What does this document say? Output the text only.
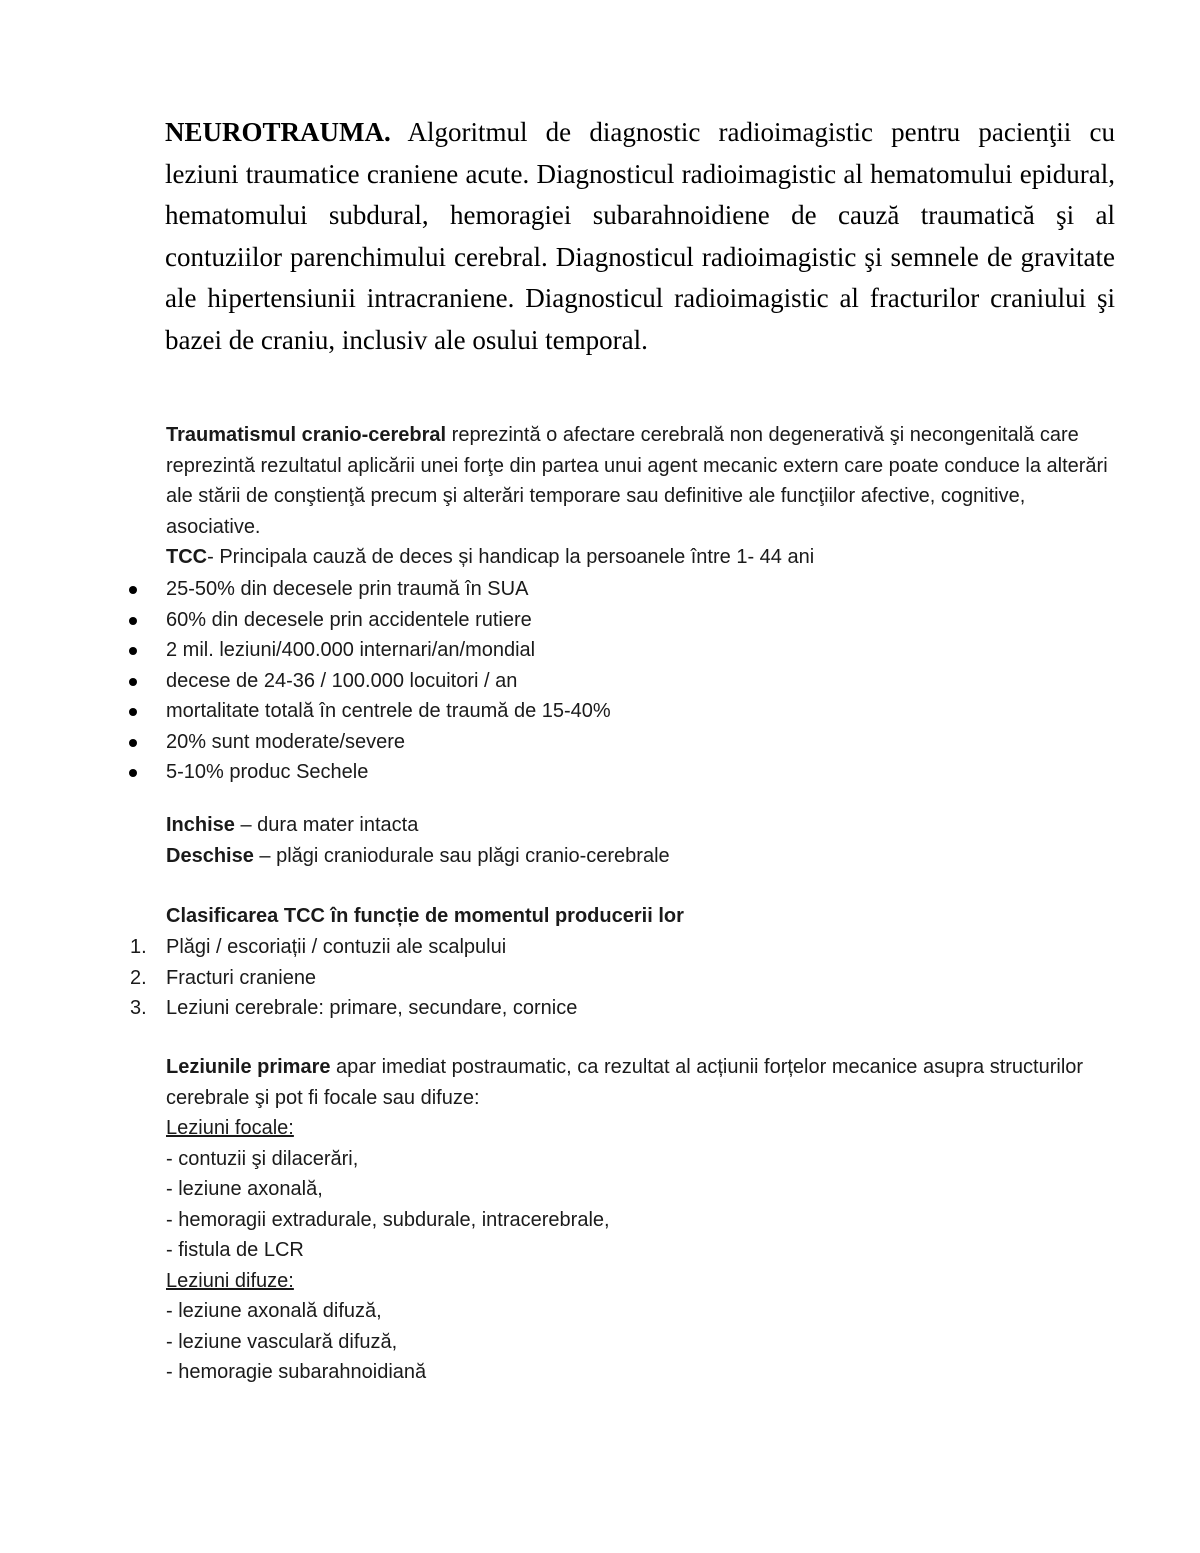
NEUROTRAUMA. Algoritmul de diagnostic radioimagistic pentru pacienţii cu leziuni traumatice craniene acute. Diagnosticul radioimagistic al hematomului epidural, hematomului subdural, hemoragiei subarahnoidiene de cauză traumatică şi al contuziilor parenchimului cerebral. Diagnosticul radioimagistic şi semnele de gravitate ale hipertensiunii intracraniene. Diagnosticul radioimagistic al fracturilor craniului şi bazei de craniu, inclusiv ale osului temporal.
Traumatismul cranio-cerebral reprezintă o afectare cerebrală non degenerativă şi necongenitală care reprezintă rezultatul aplicării unei forţe din partea unui agent mecanic extern care poate conduce la alterări ale stării de conştienţă precum şi alterări temporare sau definitive ale funcţiilor afective, cognitive, asociative.
TCC- Principala cauză de deces și handicap la persoanele între 1- 44 ani
25-50% din decesele prin traumă în SUA
60% din decesele prin accidentele rutiere
2 mil. leziuni/400.000 internari/an/mondial
decese de 24-36 / 100.000 locuitori / an
mortalitate totală în centrele de traumă de 15-40%
20% sunt moderate/severe
5-10% produc Sechele
Inchise – dura mater intacta
Deschise – plăgi craniodurale sau plăgi cranio-cerebrale
Clasificarea TCC în funcție de momentul producerii lor
1. Plăgi / escoriații / contuzii ale scalpului
2. Fracturi craniene
3. Leziuni cerebrale: primare, secundare, cornice
Leziunile primare apar imediat postraumatic, ca rezultat al acțiunii forțelor mecanice asupra structurilor cerebrale şi pot fi focale sau difuze:
Leziuni focale:
- contuzii şi dilacerări,
- leziune axonală,
- hemoragii extradurale, subdurale, intracerebrale,
- fistula de LCR
Leziuni difuze:
- leziune axonală difuză,
- leziune vasculară difuză,
- hemoragie subarahnoidiană
